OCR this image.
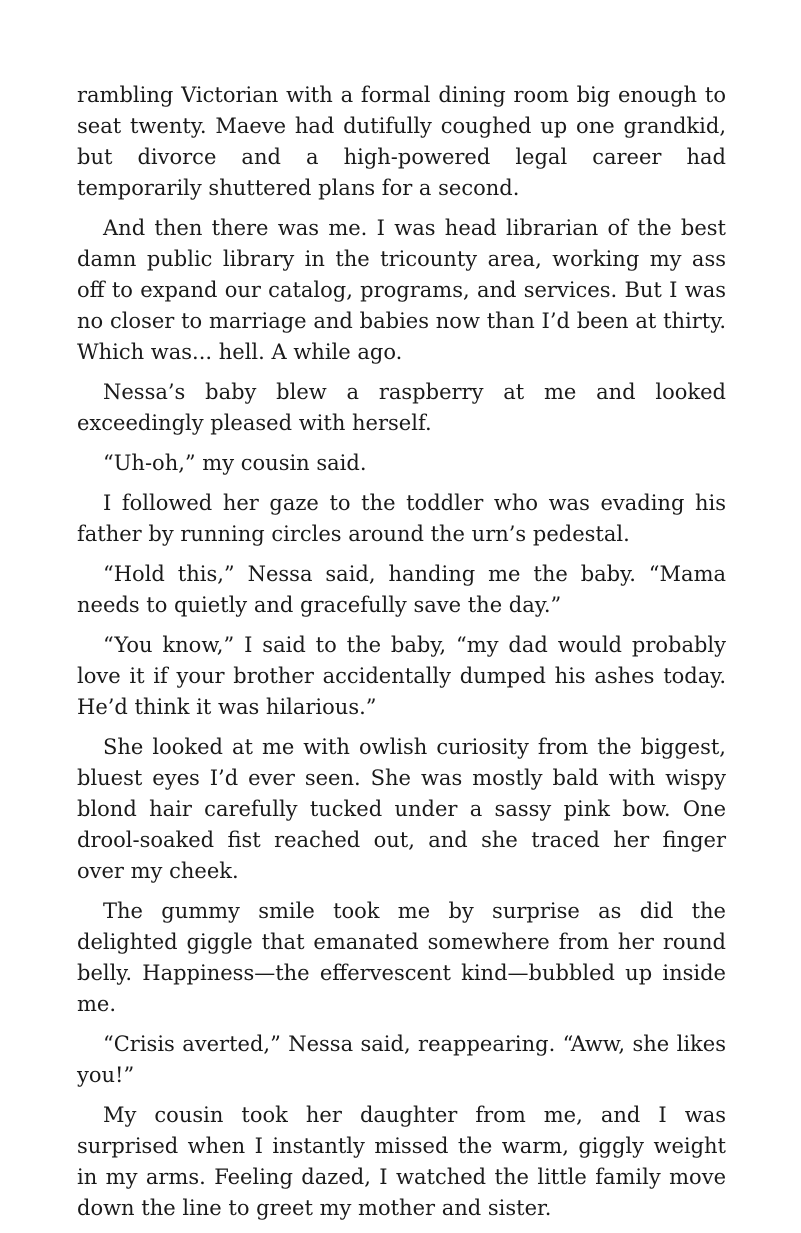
rambling Victorian with a formal dining room big enough to seat twenty. Maeve had dutifully coughed up one grandkid, but divorce and a high-powered legal career had temporarily shuttered plans for a second.

And then there was me. I was head librarian of the best damn public library in the tricounty area, working my ass off to expand our catalog, programs, and services. But I was no closer to marriage and babies now than I’d been at thirty. Which was... hell. A while ago.

Nessa’s baby blew a raspberry at me and looked exceedingly pleased with herself.

“Uh-oh,” my cousin said.

I followed her gaze to the toddler who was evading his father by running circles around the urn’s pedestal.

“Hold this,” Nessa said, handing me the baby. “Mama needs to quietly and gracefully save the day.”

“You know,” I said to the baby, “my dad would probably love it if your brother accidentally dumped his ashes today. He’d think it was hilarious.”

She looked at me with owlish curiosity from the biggest, bluest eyes I’d ever seen. She was mostly bald with wispy blond hair carefully tucked under a sassy pink bow. One drool-soaked fist reached out, and she traced her finger over my cheek.

The gummy smile took me by surprise as did the delighted giggle that emanated somewhere from her round belly. Happiness—the effervescent kind—bubbled up inside me.

“Crisis averted,” Nessa said, reappearing. “Aww, she likes you!”

My cousin took her daughter from me, and I was surprised when I instantly missed the warm, giggly weight in my arms. Feeling dazed, I watched the little family move down the line to greet my mother and sister.
